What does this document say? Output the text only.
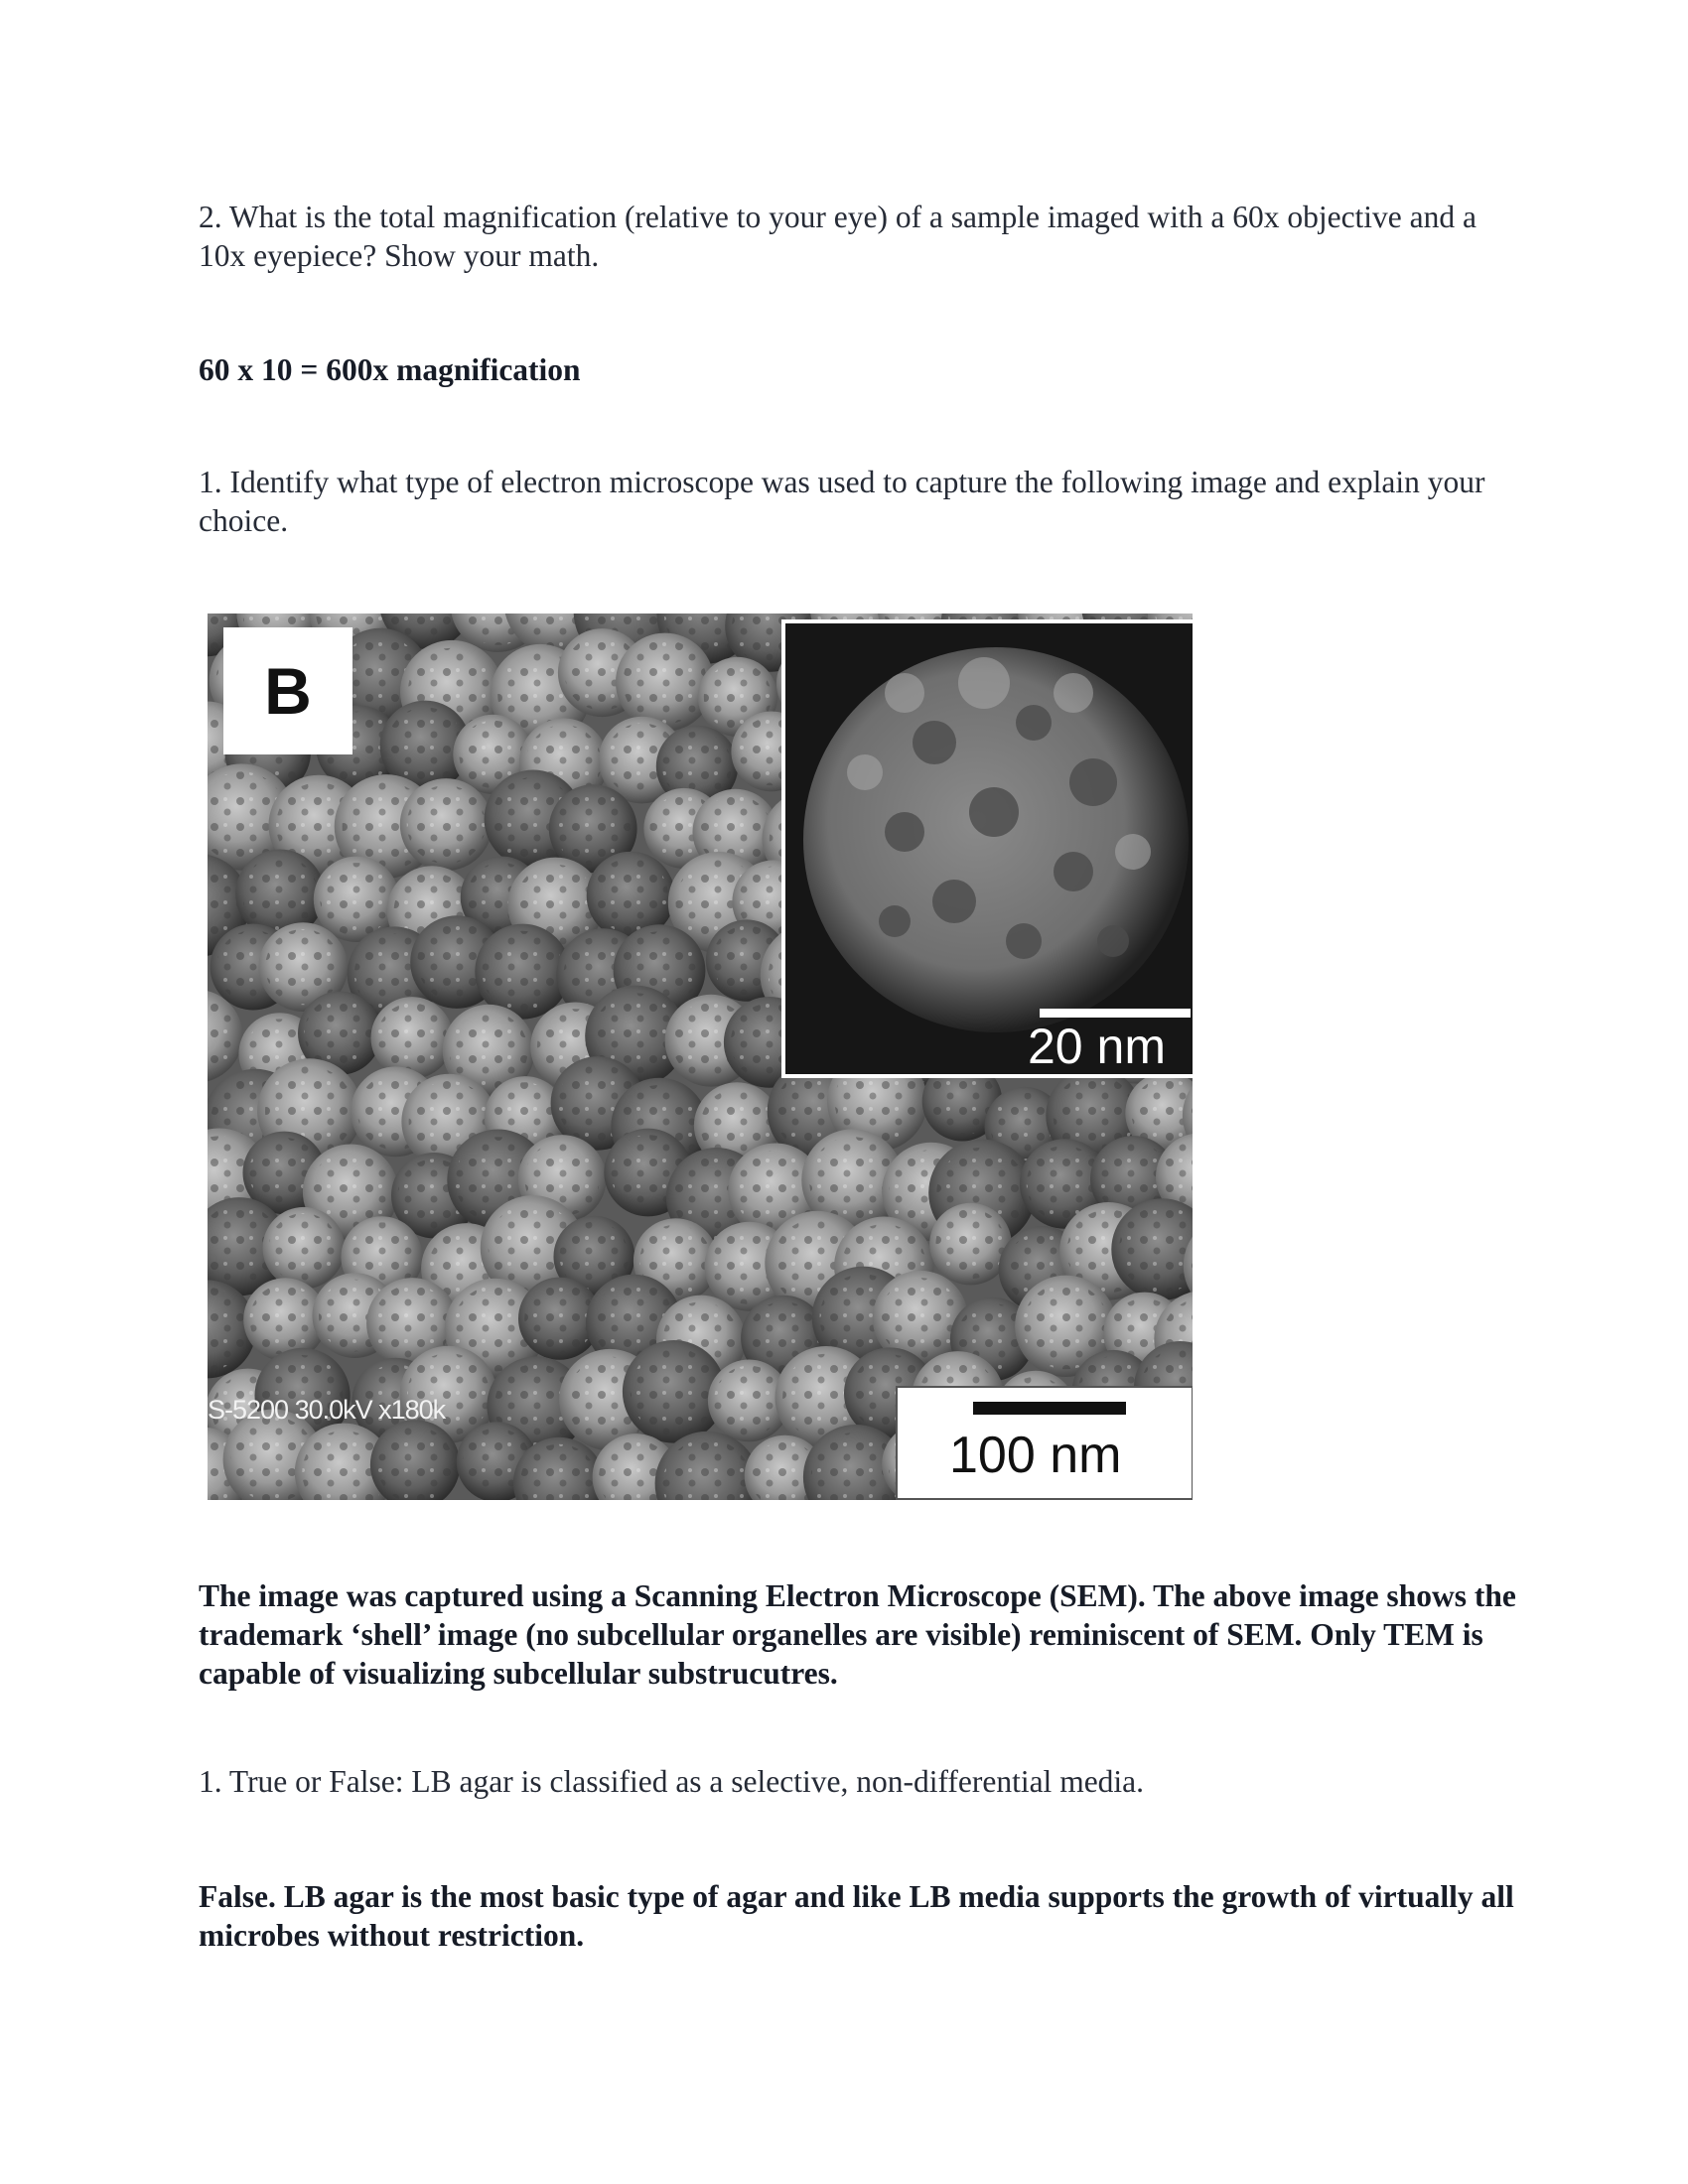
2. What is the total magnification (relative to your eye) of a sample imaged with a 60x objective and a 10x eyepiece? Show your math.

60 x 10 = 600x magnification

1. Identify what type of electron microscope was used to capture the following image and explain your choice.

B
20 nm
S-5200 30.0kV x180k
100 nm

The image was captured using a Scanning Electron Microscope (SEM). The above image shows the trademark ‘shell’ image (no subcellular organelles are visible) reminiscent of SEM. Only TEM is capable of visualizing subcellular substrucutres.

1. True or False: LB agar is classified as a selective, non-differential media.

False. LB agar is the most basic type of agar and like LB media supports the growth of virtually all microbes without restriction.
